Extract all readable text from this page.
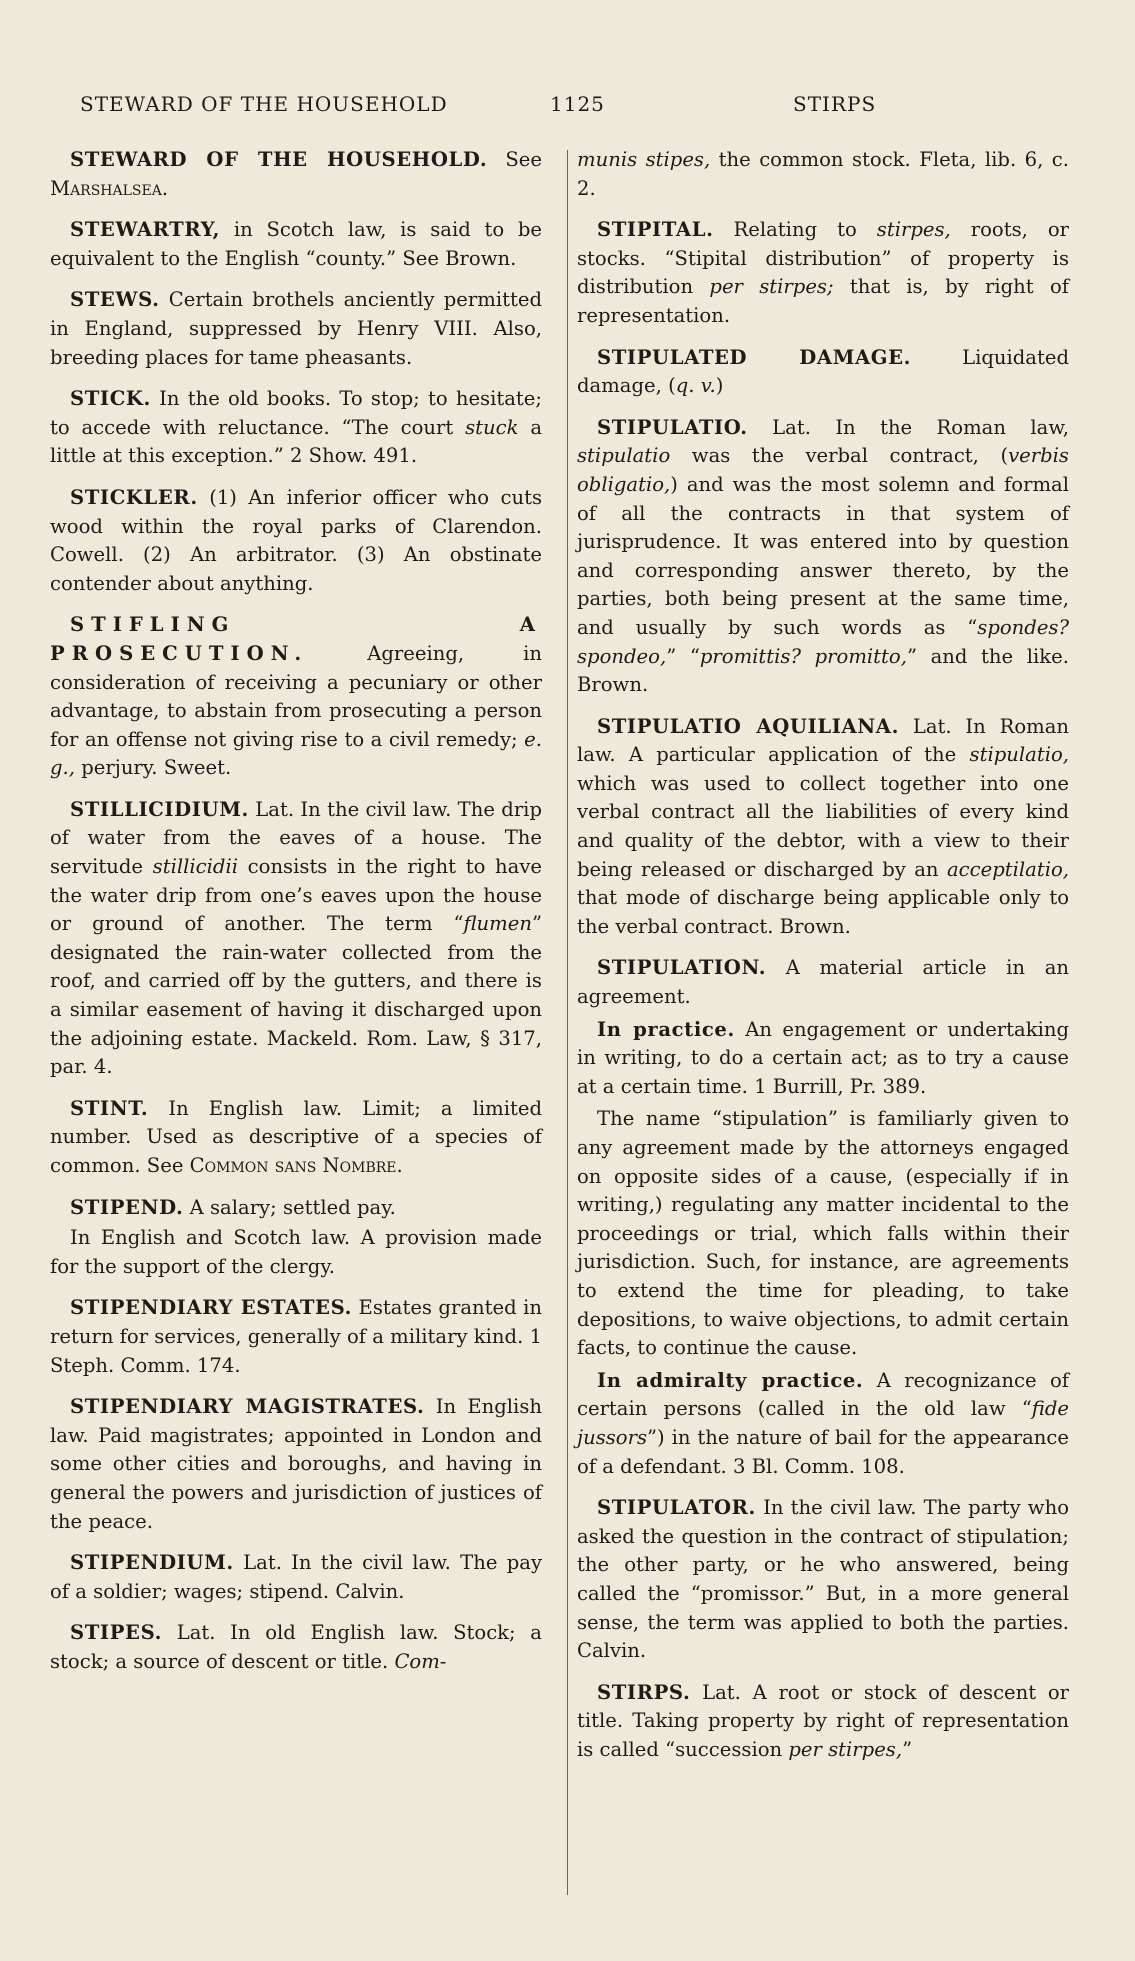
STEWARD OF THE HOUSEHOLD	1125	STIRPS

STEWARD OF THE HOUSEHOLD. See Marshalsea.

STEWARTRY, in Scotch law, is said to be equivalent to the English “county.” See Brown.

STEWS. Certain brothels anciently permitted in England, suppressed by Henry VIII. Also, breeding places for tame pheasants.

STICK. In the old books. To stop; to hesitate; to accede with reluctance. “The court stuck a little at this exception.” 2 Show. 491.

STICKLER. (1) An inferior officer who cuts wood within the royal parks of Clarendon. Cowell. (2) An arbitrator. (3) An obstinate contender about anything.

STIFLING A PROSECUTION.	Agreeing, in consideration of receiving a pecuniary or other advantage, to abstain from prosecuting a person for an offense not giving rise to a civil remedy; e. g., perjury. Sweet.

STILLICIDIUM. Lat. In the civil law. The drip of water from the eaves of a house. The servitude stillicidii consists in the right to have the water drip from one’s eaves upon the house or ground of another. The term “flumen” designated the rain-water collected from the roof, and carried off by the gutters, and there is a similar easement of having it discharged upon the adjoining estate. Mackeld. Rom. Law, § 317, par. 4.

STINT. In English law. Limit; a limited number. Used as descriptive of a species of common. See Common sans Nombre.

STIPEND. A salary; settled pay.

In English and Scotch law. A provision made for the support of the clergy.

STIPENDIARY ESTATES. Estates granted in return for services, generally of a military kind. 1 Steph. Comm. 174.

STIPENDIARY MAGISTRATES. In English law. Paid magistrates; appointed in London and some other cities and boroughs, and having in general the powers and jurisdiction of justices of the peace.

STIPENDIUM. Lat. In the civil law. The pay of a soldier; wages; stipend. Calvin.

STIPES. Lat. In old English law. Stock; a stock; a source of descent or title. Com-

munis stipes, the common stock. Fleta, lib. 6, c. 2.

STIPITAL. Relating to stirpes, roots, or stocks. “Stipital distribution” of property is distribution per stirpes; that is, by right of representation.

STIPULATED DAMAGE.	Liquidated damage, (q. v.)

STIPULATIO. Lat. In the Roman law, stipulatio was the verbal contract, (verbis obligatio,) and was the most solemn and formal of all the contracts in that system of jurisprudence. It was entered into by question and corresponding answer thereto, by the parties, both being present at the same time, and usually by such words as “spondes? spondeo,” “promittis? promitto,” and the like. Brown.

STIPULATIO AQUILIANA. Lat. In Roman law. A particular application of the stipulatio, which was used to collect together into one verbal contract all the liabilities of every kind and quality of the debtor, with a view to their being released or discharged by an acceptilatio, that mode of discharge being applicable only to the verbal contract. Brown.

STIPULATION. A material article in an agreement.

In practice. An engagement or undertaking in writing, to do a certain act; as to try a cause at a certain time. 1 Burrill, Pr. 389.

The name “stipulation” is familiarly given to any agreement made by the attorneys engaged on opposite sides of a cause, (especially if in writing,) regulating any matter incidental to the proceedings or trial, which falls within their jurisdiction. Such, for instance, are agreements to extend the time for pleading, to take depositions, to waive objections, to admit certain facts, to continue the cause.

In admiralty practice. A recognizance of certain persons (called in the old law “fide jussors”) in the nature of bail for the appearance of a defendant. 3 Bl. Comm. 108.

STIPULATOR. In the civil law. The party who asked the question in the contract of stipulation; the other party, or he who answered, being called the “promissor.” But, in a more general sense, the term was applied to both the parties. Calvin.

STIRPS. Lat. A root or stock of descent or title. Taking property by right of representation is called “succession per stirpes,”
